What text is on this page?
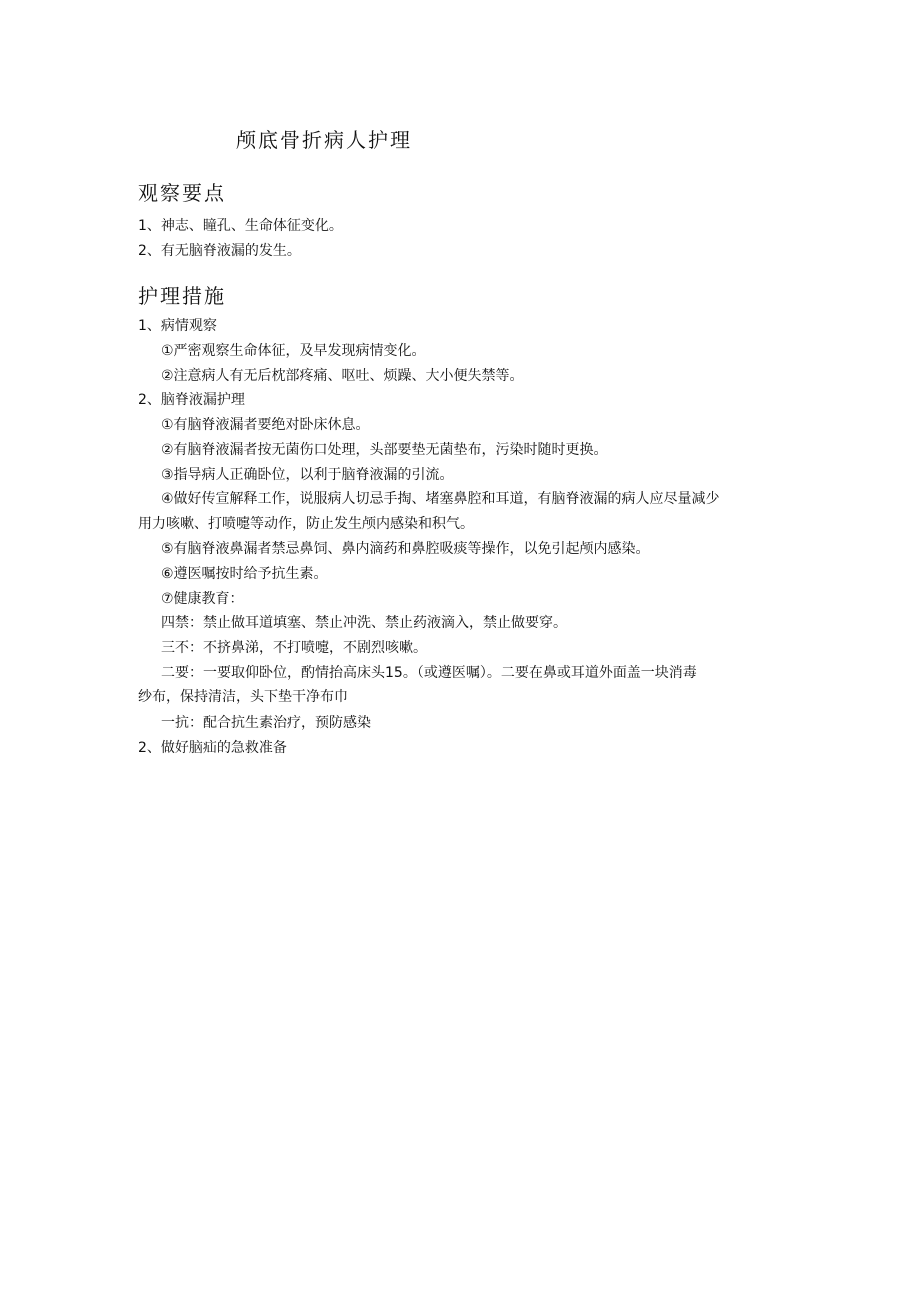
颅底骨折病人护理
观察要点
1、神志、瞳孔、生命体征变化。
2、有无脑脊液漏的发生。
护理措施
1、病情观察
①严密观察生命体征，及早发现病情变化。
②注意病人有无后枕部疼痛、呕吐、烦躁、大小便失禁等。
2、脑脊液漏护理
①有脑脊液漏者要绝对卧床休息。
②有脑脊液漏者按无菌伤口处理，头部要垫无菌垫布，污染时随时更换。
③指导病人正确卧位，以利于脑脊液漏的引流。
④做好传宣解释工作，说服病人切忌手掏、堵塞鼻腔和耳道，有脑脊液漏的病人应尽量减少
用力咳嗽、打喷嚏等动作，防止发生颅内感染和积气。
⑤有脑脊液鼻漏者禁忌鼻饲、鼻内滴药和鼻腔吸痰等操作，以免引起颅内感染。
⑥遵医嘱按时给予抗生素。
⑦健康教育：
四禁：禁止做耳道填塞、禁止冲洗、禁止药液滴入，禁止做要穿。
三不：不挤鼻涕，不打喷嚏，不剧烈咳嗽。
二要：一要取仰卧位，酌情抬高床头15。（或遵医嘱）。二要在鼻或耳道外面盖一块消毒
纱布，保持清洁，头下垫干净布巾
一抗：配合抗生素治疗，预防感染
2、做好脑疝的急救准备
